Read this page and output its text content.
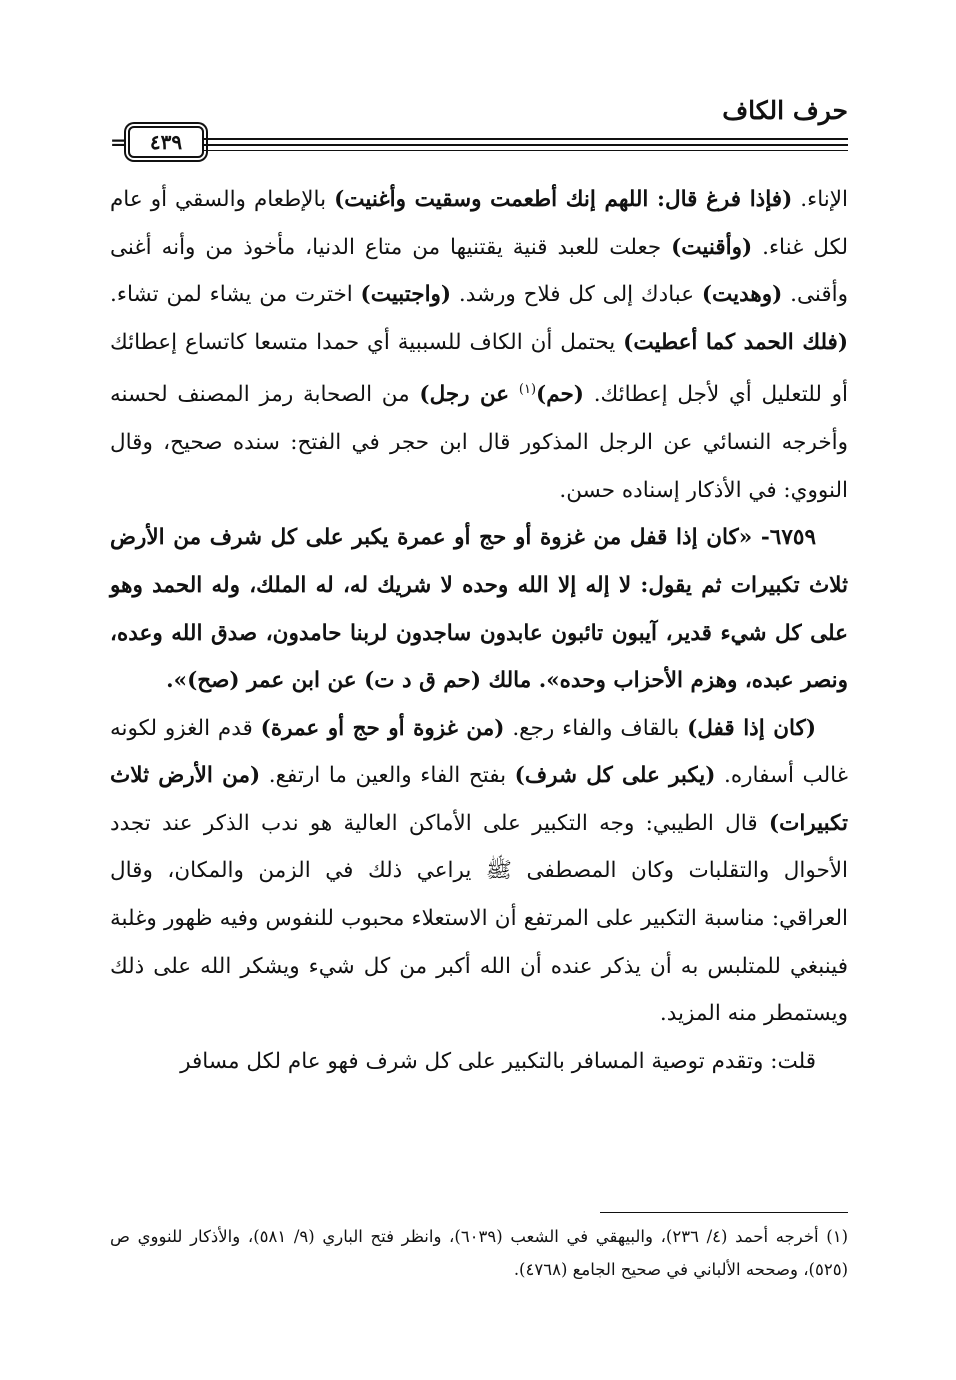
حرف الكاف
=	٤٣٩

الإناء. (فإذا فرغ قال: اللهم إنك أطعمت وسقيت وأغنيت) بالإطعام والسقي أو عام لكل غناء. (وأقنيت) جعلت للعبد قنية يقتنيها من متاع الدنيا، مأخوذ من وأنه أغنى وأقنى. (وهديت) عبادك إلى كل فلاح ورشد. (واجتبيت) اخترت من يشاء لمن تشاء. (فلك الحمد كما أعطيت) يحتمل أن الكاف للسببية أي حمدا متسعا كاتساع إعطائك أو للتعليل أي لأجل إعطائك. (حم)$^{(١)}$ عن رجل) من الصحابة رمز المصنف لحسنه وأخرجه النسائي عن الرجل المذكور قال ابن حجر في الفتح: سنده صحيح، وقال النووي: في الأذكار إسناده حسن.

٦٧٥٩- «كان إذا قفل من غزوة أو حج أو عمرة يكبر على كل شرف من الأرض ثلاث تكبيرات ثم يقول: لا إله إلا الله وحده لا شريك له، له الملك، وله الحمد وهو على كل شيء قدير، آيبون تائبون عابدون ساجدون لربنا حامدون، صدق الله وعده، ونصر عبده، وهزم الأحزاب وحده». مالك (حم ق د ت) عن ابن عمر (صح)».

(كان إذا قفل) بالقاف والفاء رجع. (من غزوة أو حج أو عمرة) قدم الغزو لكونه غالب أسفاره. (يكبر على كل شرف) بفتح الفاء والعين ما ارتفع. (من الأرض ثلاث تكبيرات) قال الطيبي: وجه التكبير على الأماكن العالية هو ندب الذكر عند تجدد الأحوال والتقلبات وكان المصطفى ﷺ يراعي ذلك في الزمن والمكان، وقال العراقي: مناسبة التكبير على المرتفع أن الاستعلاء محبوب للنفوس وفيه ظهور وغلبة فينبغي للمتلبس به أن يذكر عنده أن الله أكبر من كل شيء ويشكر الله على ذلك ويستمطر منه المزيد.

قلت: وتقدم توصية المسافر بالتكبير على كل شرف فهو عام لكل مسافر

(١) أخرجه أحمد (٤/ ٢٣٦)، والبيهقي في الشعب (٦٠٣٩)، وانظر فتح الباري (٩/ ٥٨١)، والأذكار للنووي ص (٥٢٥)، وصححه الألباني في صحيح الجامع (٤٧٦٨).
